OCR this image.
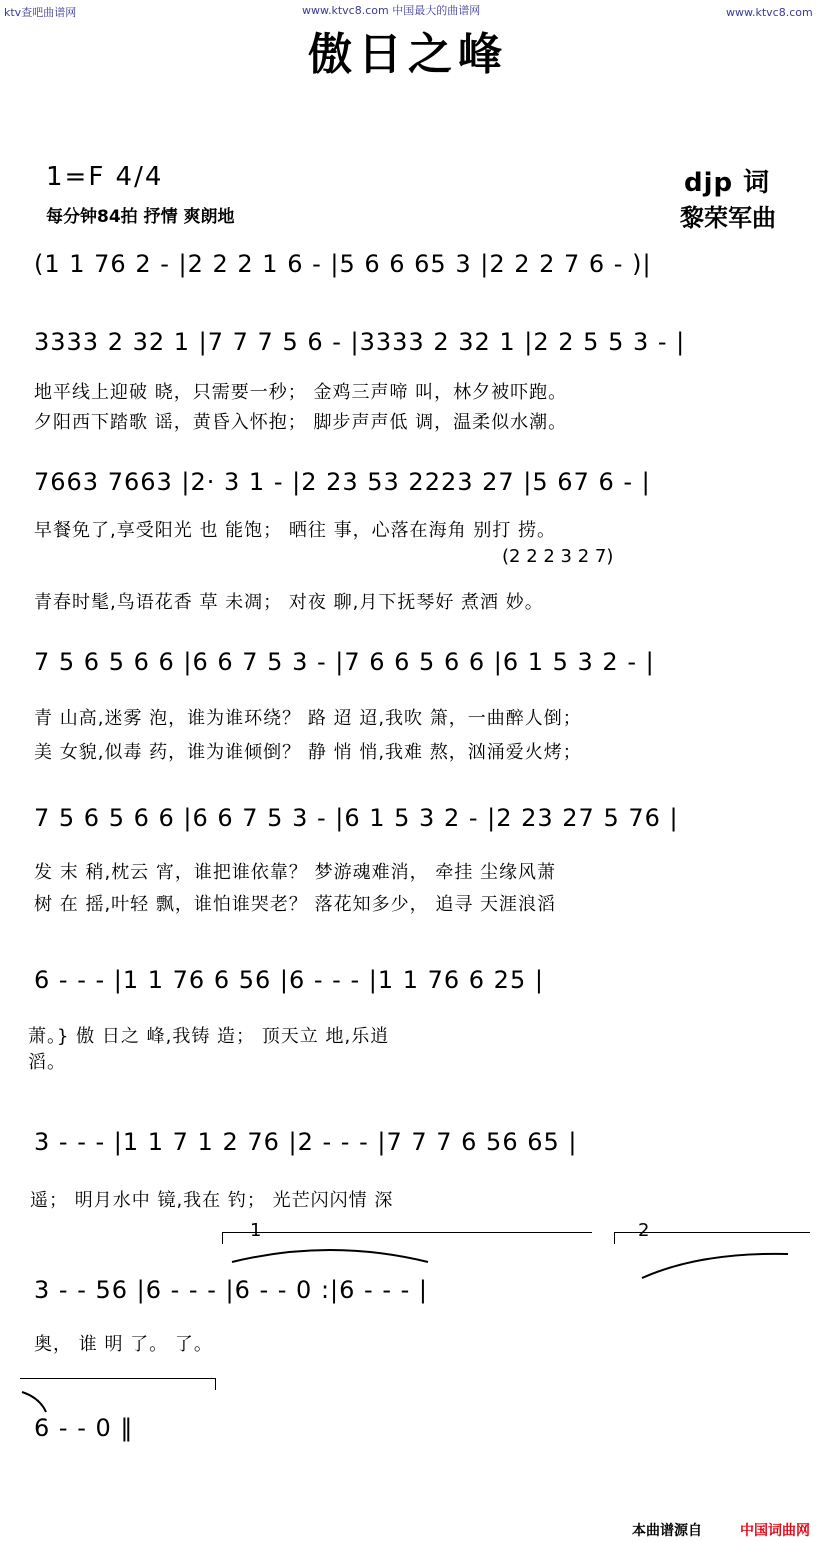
ktv查吧曲谱网	www.ktvc8.com 中国最大的曲谱网	www.ktvc8.com
傲日之峰
1=F 4/4
每分钟84拍 抒情 爽朗地
djp 词
黎荣军曲
(1 1 76 2 - |2 2 2 1 6 - |5 6 6 65 3 |2 2 2 7 6 - )|
3333 2 32 1 |7 7 7 5 6 - |3333 2 32 1 |2 2 5 5 3 - |
地平线上迎破 晓，只需要一秒； 金鸡三声啼 叫，林夕被吓跑。
夕阳西下踏歌 谣，黄昏入怀抱； 脚步声声低 调，温柔似水潮。
7663 7663 |2· 3 1 - |2 23 53 2223 27 |5 67 6 - |
早餐免了,享受阳光 也 能饱； 晒往 事，心落在海角 别打 捞。
(2 2 2 3 2 7)
青春时髦,鸟语花香 草 未凋； 对夜 聊,月下抚琴好 煮酒 妙。
7 5 6 5 6 6 |6 6 7 5 3 - |7 6 6 5 6 6 |6 1 5 3 2 - |
青 山高,迷雾 泡，谁为谁环绕？ 路 迢 迢,我吹 箫，一曲醉人倒；
美 女貌,似毒 药，谁为谁倾倒？ 静 悄 悄,我难 熬，汹涌爱火烤；
7 5 6 5 6 6 |6 6 7 5 3 - |6 1 5 3 2 - |2 23 27 5 76 |
发 末 稍,枕云 宵，谁把谁依靠？ 梦游魂难消， 牵挂 尘缘风萧
树 在 摇,叶轻 飘，谁怕谁哭老？ 落花知多少， 追寻 天涯浪滔
6 - - - |1 1 76 6 56 |6 - - - |1 1 76 6 25 |
萧。} 傲 日之 峰,我铸 造； 顶天立 地,乐逍
滔。
3 - - - |1 1 7 1 2 76 |2 - - - |7 7 7 6 56 65 |
遥； 明月水中 镜,我在 钓； 光芒闪闪情 深
1	2
3 - - 56 |6 - - - |6 - - 0 :|6 - - - |
奥， 谁 明 了。 了。
6 - - 0 ‖
本曲谱源自	中国词曲网
